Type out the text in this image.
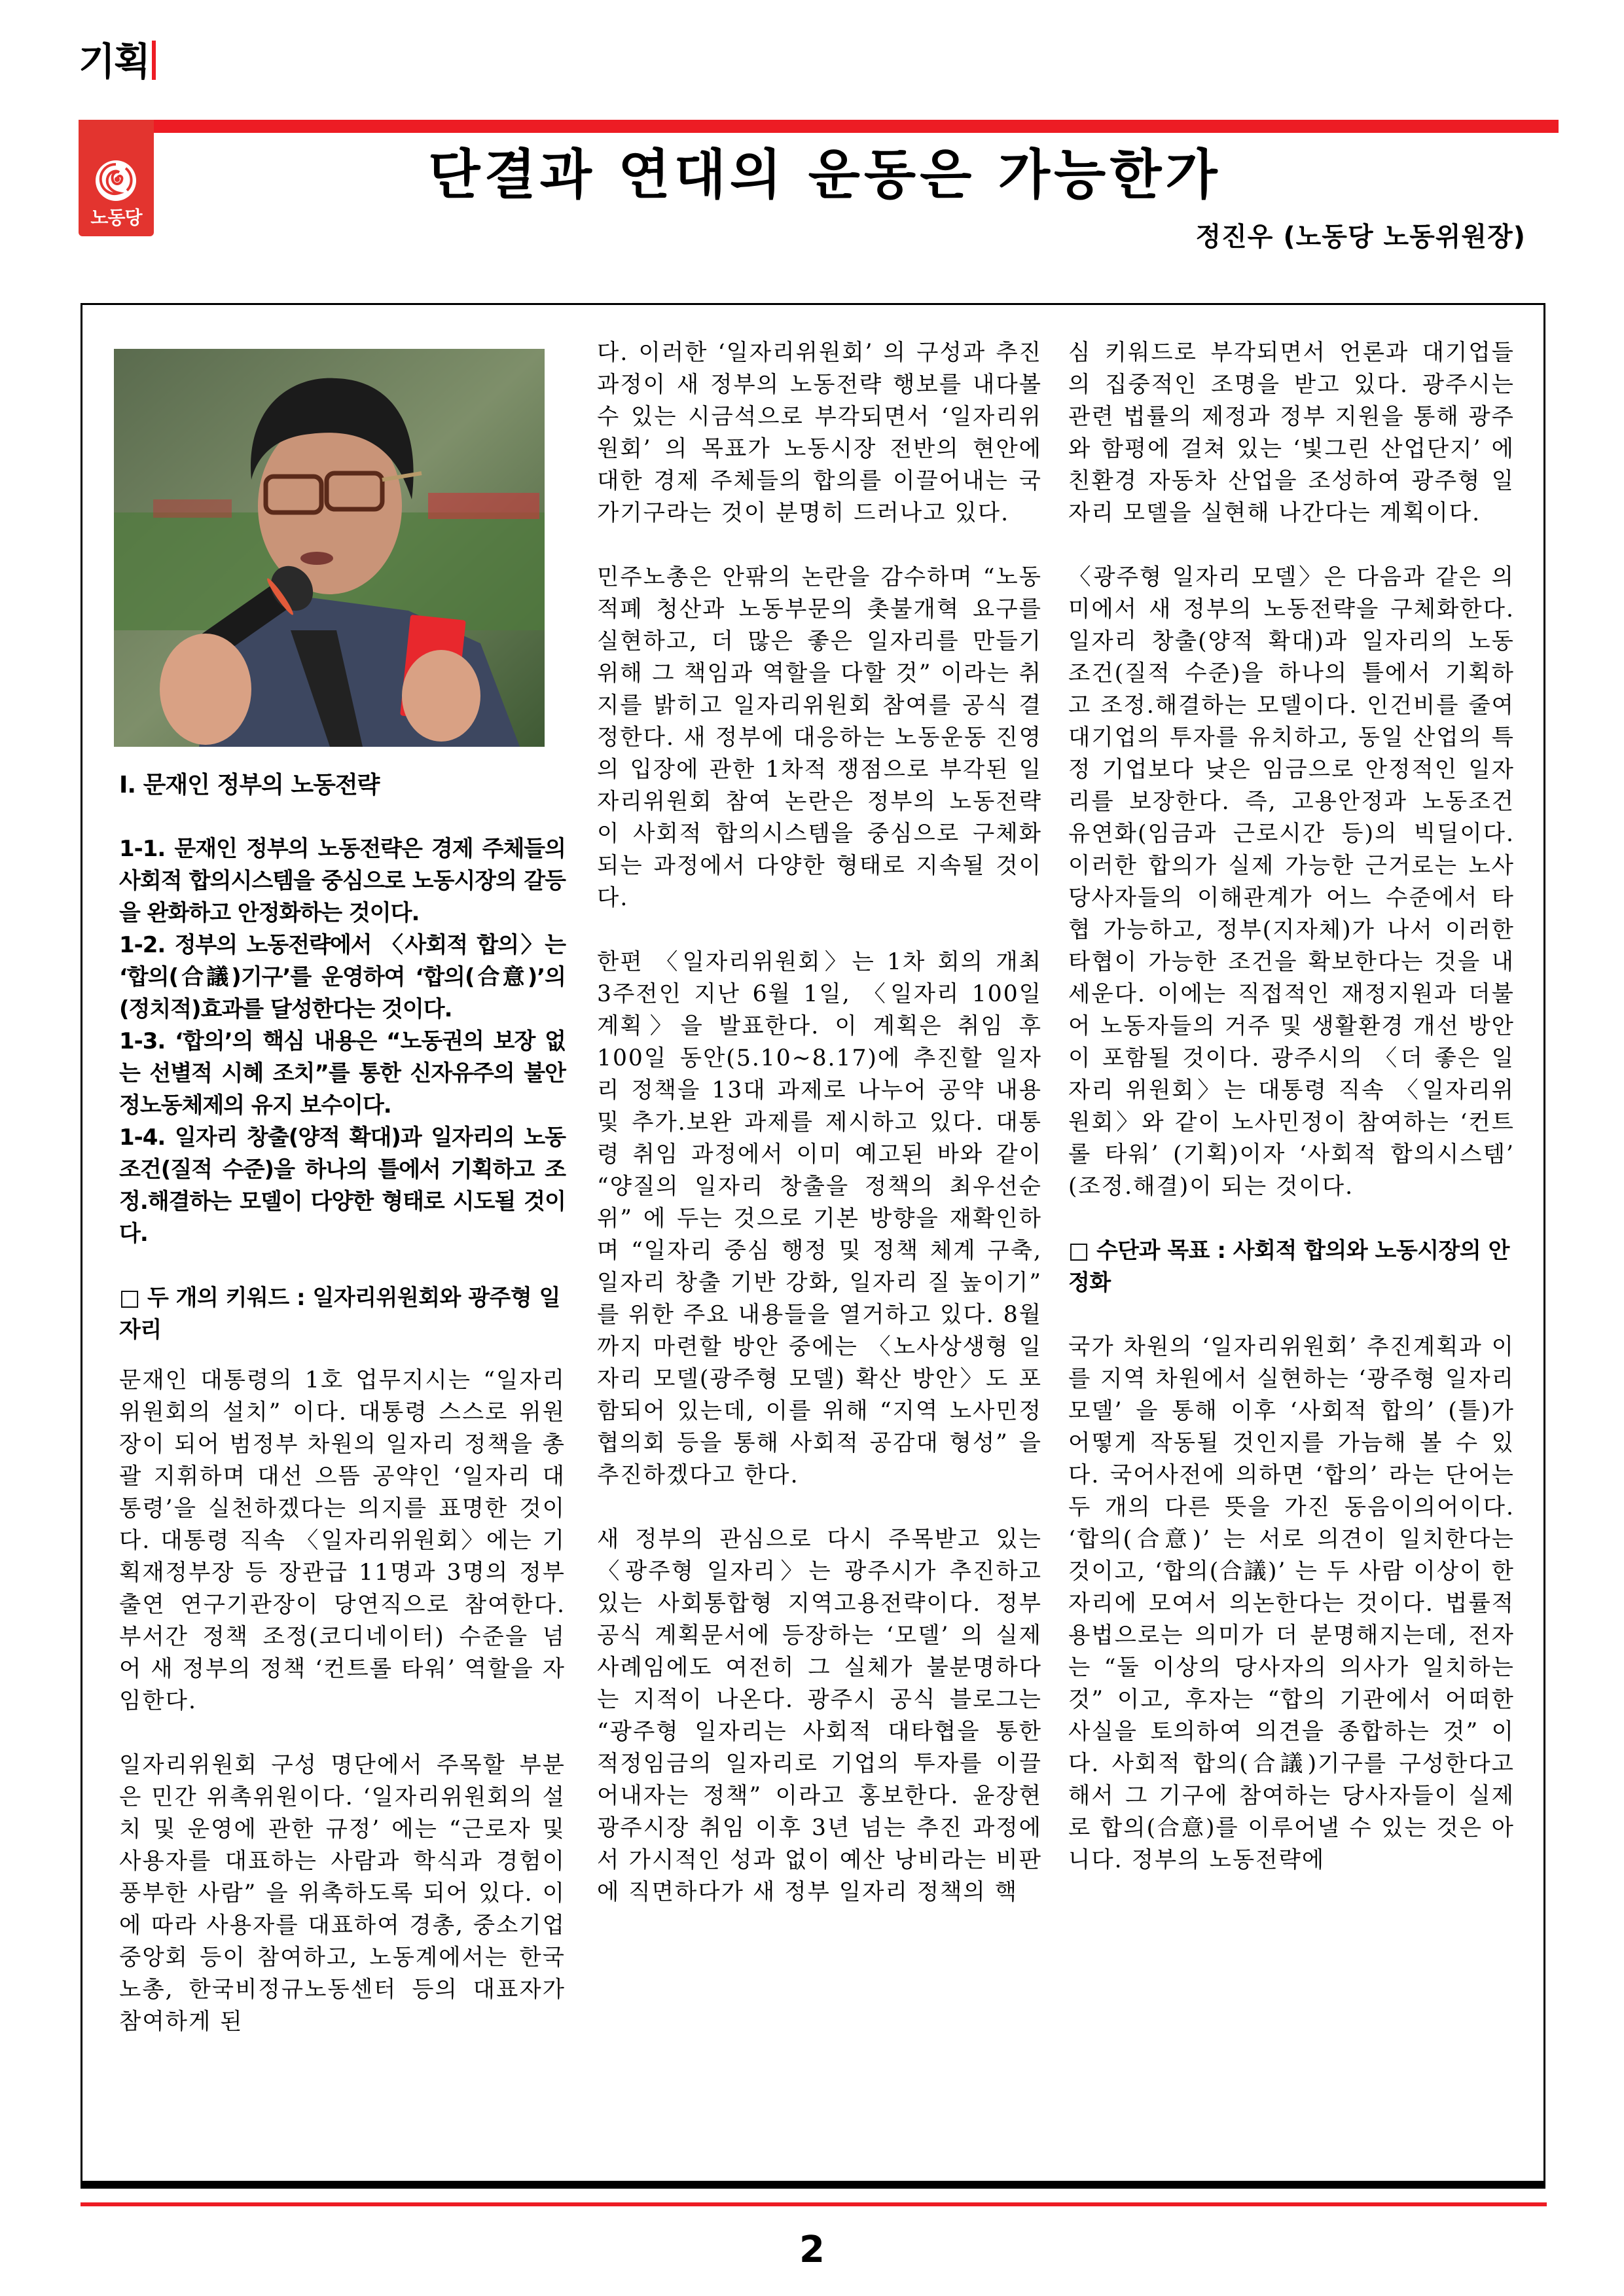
기획
노동당
단결과 연대의 운동은 가능한가
정진우 (노동당 노동위원장)
I. 문재인 정부의 노동전략
1-1. 문재인 정부의 노동전략은 경제 주체들의 사회적 합의시스템을 중심으로 노동시장의 갈등을 완화하고 안정화하는 것이다.
1-2. 정부의 노동전략에서 〈사회적 합의〉는 ‘합의(合議)기구’를 운영하여 ‘합의(合意)’의 (정치적)효과를 달성한다는 것이다.
1-3. ‘합의’의 핵심 내용은 “노동권의 보장 없는 선별적 시혜 조치”를 통한 신자유주의 불안정노동체제의 유지 보수이다.
1-4. 일자리 창출(양적 확대)과 일자리의 노동조건(질적 수준)을 하나의 틀에서 기획하고 조정.해결하는 모델이 다양한 형태로 시도될 것이다.
□ 두 개의 키워드 : 일자리위원회와 광주형 일자리

문재인 대통령의 1호 업무지시는 “일자리위원회의 설치” 이다. 대통령 스스로 위원장이 되어 범정부 차원의 일자리 정책을 총괄 지휘하며 대선 으뜸 공약인 ‘일자리 대통령’을 실천하겠다는 의지를 표명한 것이다. 대통령 직속 〈일자리위원회〉에는 기획재정부장 등 장관급 11명과 3명의 정부출연 연구기관장이 당연직으로 참여한다. 부서간 정책 조정(코디네이터) 수준을 넘어 새 정부의 정책 ‘컨트롤 타워’ 역할을 자임한다.

일자리위원회 구성 명단에서 주목할 부분은 민간 위촉위원이다. ‘일자리위원회의 설치 및 운영에 관한 규정’ 에는 “근로자 및 사용자를 대표하는 사람과 학식과 경험이 풍부한 사람” 을 위촉하도록 되어 있다. 이에 따라 사용자를 대표하여 경총, 중소기업중앙회 등이 참여하고, 노동계에서는 한국노총, 한국비정규노동센터 등의 대표자가 참여하게 된

다. 이러한 ‘일자리위원회’ 의 구성과 추진 과정이 새 정부의 노동전략 행보를 내다볼 수 있는 시금석으로 부각되면서 ‘일자리위원회’ 의 목표가 노동시장 전반의 현안에 대한 경제 주체들의 합의를 이끌어내는 국가기구라는 것이 분명히 드러나고 있다.

민주노총은 안팎의 논란을 감수하며 “노동적폐 청산과 노동부문의 촛불개혁 요구를 실현하고, 더 많은 좋은 일자리를 만들기 위해 그 책임과 역할을 다할 것” 이라는 취지를 밝히고 일자리위원회 참여를 공식 결정한다. 새 정부에 대응하는 노동운동 진영의 입장에 관한 1차적 쟁점으로 부각된 일자리위원회 참여 논란은 정부의 노동전략이 사회적 합의시스템을 중심으로 구체화되는 과정에서 다양한 형태로 지속될 것이다.

한편 〈일자리위원회〉는 1차 회의 개최 3주전인 지난 6월 1일, 〈일자리 100일 계획〉을 발표한다. 이 계획은 취임 후 100일 동안(5.10~8.17)에 추진할 일자리 정책을 13대 과제로 나누어 공약 내용 및 추가.보완 과제를 제시하고 있다. 대통령 취임 과정에서 이미 예고된 바와 같이 “양질의 일자리 창출을 정책의 최우선순위” 에 두는 것으로 기본 방향을 재확인하며 “일자리 중심 행정 및 정책 체계 구축, 일자리 창출 기반 강화, 일자리 질 높이기” 를 위한 주요 내용들을 열거하고 있다. 8월까지 마련할 방안 중에는 〈노사상생형 일자리 모델(광주형 모델) 확산 방안〉도 포함되어 있는데, 이를 위해 “지역 노사민정협의회 등을 통해 사회적 공감대 형성” 을 추진하겠다고 한다.

새 정부의 관심으로 다시 주목받고 있는 〈광주형 일자리〉는 광주시가 추진하고 있는 사회통합형 지역고용전략이다. 정부 공식 계획문서에 등장하는 ‘모델’ 의 실제 사례임에도 여전히 그 실체가 불분명하다는 지적이 나온다. 광주시 공식 블로그는 “광주형 일자리는 사회적 대타협을 통한 적정임금의 일자리로 기업의 투자를 이끌어내자는 정책” 이라고 홍보한다. 윤장현 광주시장 취임 이후 3년 넘는 추진 과정에서 가시적인 성과 없이 예산 낭비라는 비판에 직면하다가 새 정부 일자리 정책의 핵

심 키워드로 부각되면서 언론과 대기업들의 집중적인 조명을 받고 있다. 광주시는 관련 법률의 제정과 정부 지원을 통해 광주와 함평에 걸쳐 있는 ‘빛그린 산업단지’ 에 친환경 자동차 산업을 조성하여 광주형 일자리 모델을 실현해 나간다는 계획이다.

〈광주형 일자리 모델〉은 다음과 같은 의미에서 새 정부의 노동전략을 구체화한다. 일자리 창출(양적 확대)과 일자리의 노동조건(질적 수준)을 하나의 틀에서 기획하고 조정.해결하는 모델이다. 인건비를 줄여 대기업의 투자를 유치하고, 동일 산업의 특정 기업보다 낮은 임금으로 안정적인 일자리를 보장한다. 즉, 고용안정과 노동조건 유연화(임금과 근로시간 등)의 빅딜이다. 이러한 합의가 실제 가능한 근거로는 노사 당사자들의 이해관계가 어느 수준에서 타협 가능하고, 정부(지자체)가 나서 이러한 타협이 가능한 조건을 확보한다는 것을 내세운다. 이에는 직접적인 재정지원과 더불어 노동자들의 거주 및 생활환경 개선 방안이 포함될 것이다. 광주시의 〈더 좋은 일자리 위원회〉는 대통령 직속 〈일자리위원회〉와 같이 노사민정이 참여하는 ‘컨트롤 타워’ (기획)이자 ‘사회적 합의시스템’ (조정.해결)이 되는 것이다.

□ 수단과 목표 : 사회적 합의와 노동시장의 안정화

국가 차원의 ‘일자리위원회’ 추진계획과 이를 지역 차원에서 실현하는 ‘광주형 일자리 모델’ 을 통해 이후 ‘사회적 합의’ (틀)가 어떻게 작동될 것인지를 가늠해 볼 수 있다. 국어사전에 의하면 ‘합의’ 라는 단어는 두 개의 다른 뜻을 가진 동음이의어이다. ‘합의(合意)’ 는 서로 의견이 일치한다는 것이고, ‘합의(合議)’ 는 두 사람 이상이 한자리에 모여서 의논한다는 것이다. 법률적 용법으로는 의미가 더 분명해지는데, 전자는 “둘 이상의 당사자의 의사가 일치하는 것” 이고, 후자는 “합의 기관에서 어떠한 사실을 토의하여 의견을 종합하는 것” 이다. 사회적 합의(合議)기구를 구성한다고 해서 그 기구에 참여하는 당사자들이 실제로 합의(合意)를 이루어낼 수 있는 것은 아니다. 정부의 노동전략에

2
